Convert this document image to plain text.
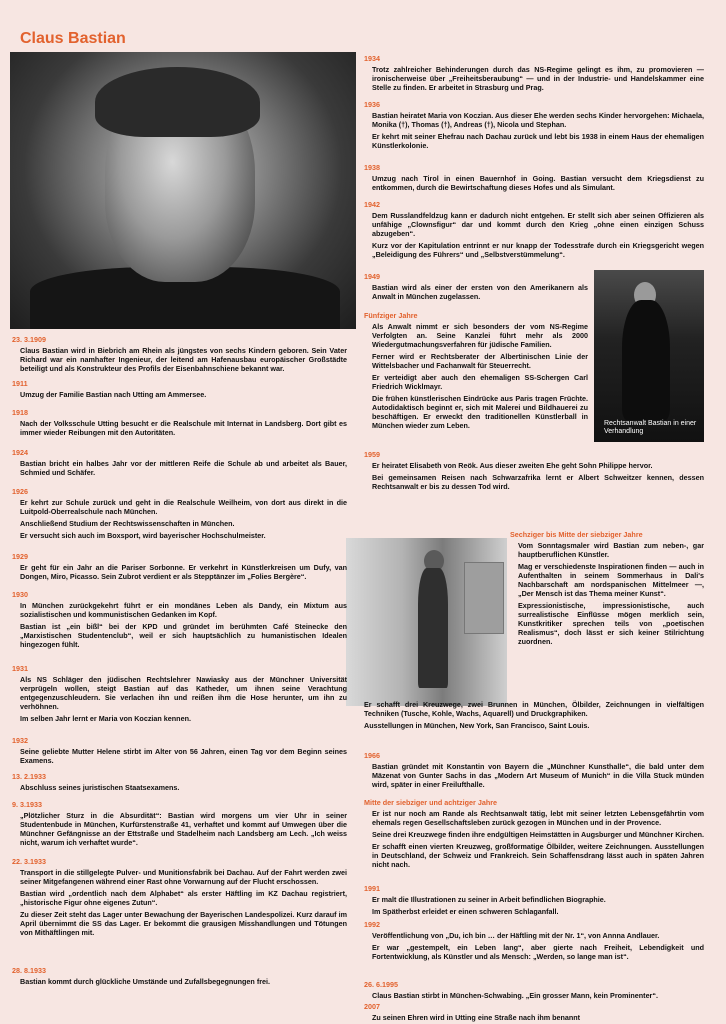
Claus Bastian
Rechtsanwalt Bastian in einer Verhandlung
23. 3.1909

Claus Bastian wird in Biebrich am Rhein als jüngstes von sechs Kindern geboren. Sein Vater Richard war ein namhafter Ingenieur, der leitend am Hafenausbau europäischer Großstädte beteiligt und als Konstrukteur des Profils der Eisenbahnschiene bekannt war.

1911

Umzug der Familie Bastian nach Utting am Ammersee.

1918

Nach der Volksschule Utting besucht er die Realschule mit Internat in Landsberg. Dort gibt es immer wieder Reibungen mit den Autoritäten.

1924

Bastian bricht ein halbes Jahr vor der mittleren Reife die Schule ab und arbeitet als Bauer, Schmied und Schäfer.

1926

Er kehrt zur Schule zurück und geht in die Realschule Weilheim, von dort aus direkt in die Luitpold-Oberrealschule nach München.

Anschließend Studium der Rechtswissenschaften in München.

Er versucht sich auch im Boxsport, wird bayerischer Hochschulmeister.

1929

Er geht für ein Jahr an die Pariser Sorbonne. Er verkehrt in Künstlerkreisen um Dufy, van Dongen, Miro, Picasso. Sein Zubrot verdient er als Stepptänzer im „Folies Bergère“.

1930

In München zurückgekehrt führt er ein mondänes Leben als Dandy, ein Mixtum aus sozialistischen und kommunistischen Gedanken im Kopf.

Bastian ist „ein bißl“ bei der KPD und gründet im berühmten Café Steinecke den „Marxistischen Studentenclub“, weil er sich hauptsächlich zu humanistischen Idealen hingezogen fühlt.

1931

Als NS Schläger den jüdischen Rechtslehrer Nawiasky aus der Münchner Universität verprügeln wollen, steigt Bastian auf das Katheder, um ihnen seine Verachtung entgegenzuschleudern. Sie verlachen ihn und reißen ihm die Hose herunter, um ihn zu verhöhnen.

Im selben Jahr lernt er Maria von Koczian kennen.

1932

Seine geliebte Mutter Helene stirbt im Alter von 56 Jahren, einen Tag vor dem Beginn seines Examens.

13. 2.1933

Abschluss seines juristischen Staatsexamens.

9. 3.1933

„Plötzlicher Sturz in die Absurdität“: Bastian wird morgens um vier Uhr in seiner Studentenbude in München, Kurfürstenstraße 41, verhaftet und kommt auf Umwegen über die Münchner Gefängnisse an der Ettstraße und Stadelheim nach Landsberg am Lech. „Ich weiss nicht, warum ich verhaftet wurde“.

22. 3.1933

Transport in die stillgelegte Pulver- und Munitionsfabrik bei Dachau. Auf der Fahrt werden zwei seiner Mitgefangenen während einer Rast ohne Vorwarnung auf der Flucht erschossen.

Bastian wird „ordentlich nach dem Alphabet“ als erster Häftling im KZ Dachau registriert, „historische Figur ohne eigenes Zutun“.

Zu dieser Zeit steht das Lager unter Bewachung der Bayerischen Landespolizei. Kurz darauf im April übernimmt die SS das Lager. Er bekommt die grausigen Misshandlungen und Tötungen von Mithäftlingen mit.

28. 8.1933

Bastian kommt durch glückliche Umstände und Zufallsbegegnungen frei.

1934

Trotz zahlreicher Behinderungen durch das NS-Regime gelingt es ihm, zu promovieren — ironischerweise über „Freiheitsberaubung“ — und in der Industrie- und Handelskammer eine Stelle zu finden. Er arbeitet in Strasburg und Prag.

1936

Bastian heiratet Maria von Koczian. Aus dieser Ehe werden sechs Kinder hervorgehen: Michaela, Monika (†), Thomas (†), Andreas (†), Nicola und Stephan.

Er kehrt mit seiner Ehefrau nach Dachau zurück und lebt bis 1938 in einem Haus der ehemaligen Künstlerkolonie.

1938

Umzug nach Tirol in einen Bauernhof in Going. Bastian versucht dem Kriegsdienst zu entkommen, durch die Bewirtschaftung dieses Hofes und als Simulant.

1942

Dem Russlandfeldzug kann er dadurch nicht entgehen. Er stellt sich aber seinen Offizieren als unfähige „Clownsfigur“ dar und kommt durch den Krieg „ohne einen einzigen Schuss abzugeben“.

Kurz vor der Kapitulation entrinnt er nur knapp der Todesstrafe durch ein Kriegsgericht wegen „Beleidigung des Führers“ und „Selbstverstümmelung“.

1949

Bastian wird als einer der ersten von den Amerikanern als Anwalt in München zugelassen.

Fünfziger Jahre

Als Anwalt nimmt er sich besonders der vom NS-Regime Verfolgten an. Seine Kanzlei führt mehr als 2000 Wiedergutmachungsverfahren für jüdische Familien.

Ferner wird er Rechtsberater der Albertinischen Linie der Wittelsbacher und Fachanwalt für Steuerrecht.

Er verteidigt aber auch den ehemaligen SS-Schergen Carl Friedrich Wicklmayr.

Die frühen künstlerischen Eindrücke aus Paris tragen Früchte. Autodidaktisch beginnt er, sich mit Malerei und Bildhauerei zu beschäftigen. Er erweckt den traditionellen Künstlerball in München wieder zum Leben.

1959

Er heiratet Elisabeth von Reök. Aus dieser zweiten Ehe geht Sohn Philippe hervor.

Bei gemeinsamen Reisen nach Schwarzafrika lernt er Albert Schweitzer kennen, dessen Rechtsanwalt er bis zu dessen Tod wird.

Sechziger bis Mitte der siebziger Jahre

Vom Sonntagsmaler wird Bastian zum neben-, gar hauptberuflichen Künstler.

Mag er verschiedenste Inspirationen finden — auch in Aufenthalten in seinem Sommerhaus in Dali's Nachbarschaft am nordspanischen Mittelmeer —, „Der Mensch ist das Thema meiner Kunst“.

Expressionistische, impressionistische, auch surrealistische Einflüsse mögen merklich sein, Kunstkritiker sprechen teils von „poetischen Realismus“, doch lässt er sich keiner Stilrichtung zuordnen.

Er schafft drei Kreuzwege, zwei Brunnen in München, Ölbilder, Zeichnungen in vielfältigen Techniken (Tusche, Kohle, Wachs, Aquarell) und Druckgraphiken.

Ausstellungen in München, New York, San Francisco, Saint Louis.

1966

Bastian gründet mit Konstantin von Bayern die „Münchner Kunsthalle“, die bald unter dem Mäzenat von Gunter Sachs in das „Modern Art Museum of Munich“ in die Villa Stuck münden wird, später in einer Freilufthalle.

Mitte der siebziger und achtziger Jahre

Er ist nur noch am Rande als Rechtsanwalt tätig, lebt mit seiner letzten Lebensgefährtin vom ehemals regen Gesellschaftsleben zurück gezogen in München und in der Provence.

Seine drei Kreuzwege finden ihre endgültigen Heimstätten in Augsburger und Münchner Kirchen.

Er schafft einen vierten Kreuzweg, großformatige Ölbilder, weitere Zeichnungen. Ausstellungen in Deutschland, der Schweiz und Frankreich. Sein Schaffensdrang lässt auch in späten Jahren nicht nach.

1991

Er malt die Illustrationen zu seiner in Arbeit befindlichen Biographie.

Im Spätherbst erleidet er einen schweren Schlaganfall.

1992

Veröffentlichung von „Du, ich bin … der Häftling mit der Nr. 1“, von Annna Andlauer.

Er war „gestempelt, ein Leben lang“, aber gierte nach Freiheit, Lebendigkeit und Fortentwicklung, als Künstler und als Mensch: „Werden, so lange man ist“.

26. 6.1995

Claus Bastian stirbt in München-Schwabing. „Ein grosser Mann, kein Prominenter“.

2007

Zu seinen Ehren wird in Utting eine Straße nach ihm benannt
